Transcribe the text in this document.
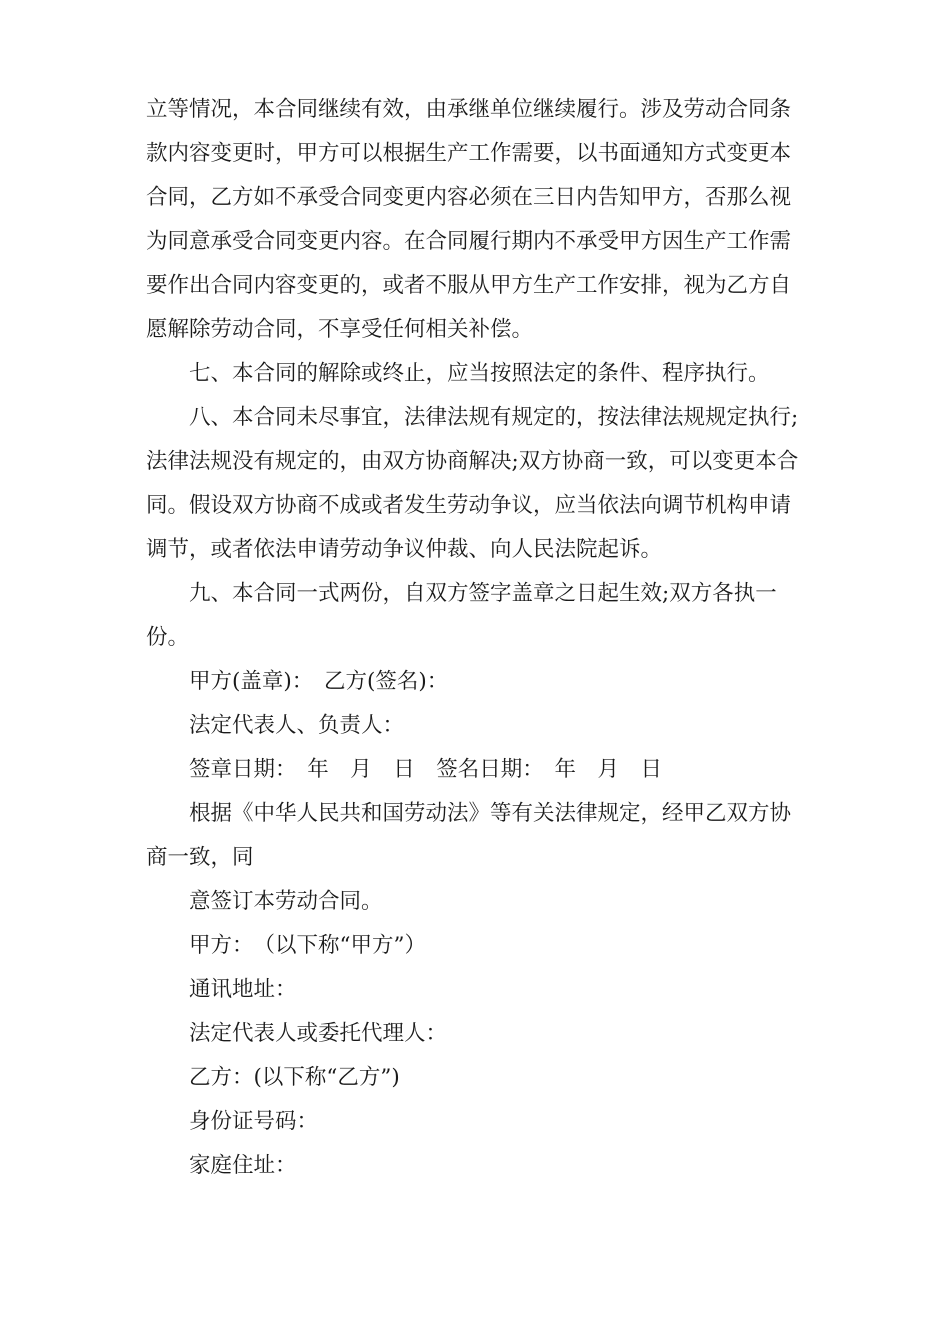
立等情况，本合同继续有效，由承继单位继续履行。涉及劳动合同条款内容变更时，甲方可以根据生产工作需要，以书面通知方式变更本合同，乙方如不承受合同变更内容必须在三日内告知甲方，否那么视为同意承受合同变更内容。在合同履行期内不承受甲方因生产工作需要作出合同内容变更的，或者不服从甲方生产工作安排，视为乙方自愿解除劳动合同，不享受任何相关补偿。

七、本合同的解除或终止，应当按照法定的条件、程序执行。

八、本合同未尽事宜，法律法规有规定的，按法律法规规定执行;法律法规没有规定的，由双方协商解决;双方协商一致，可以变更本合同。假设双方协商不成或者发生劳动争议，应当依法向调节机构申请调节，或者依法申请劳动争议仲裁、向人民法院起诉。

九、本合同一式两份，自双方签字盖章之日起生效;双方各执一份。

甲方(盖章)：　乙方(签名)：

法定代表人、负责人：

签章日期：　年　月　日　签名日期：　年　月　日

根据《中华人民共和国劳动法》等有关法律规定，经甲乙双方协商一致，同

意签订本劳动合同。

甲方：　（以下称“甲方”）

通讯地址：

法定代表人或委托代理人：

乙方：(以下称“乙方”)

身份证号码：

家庭住址：
